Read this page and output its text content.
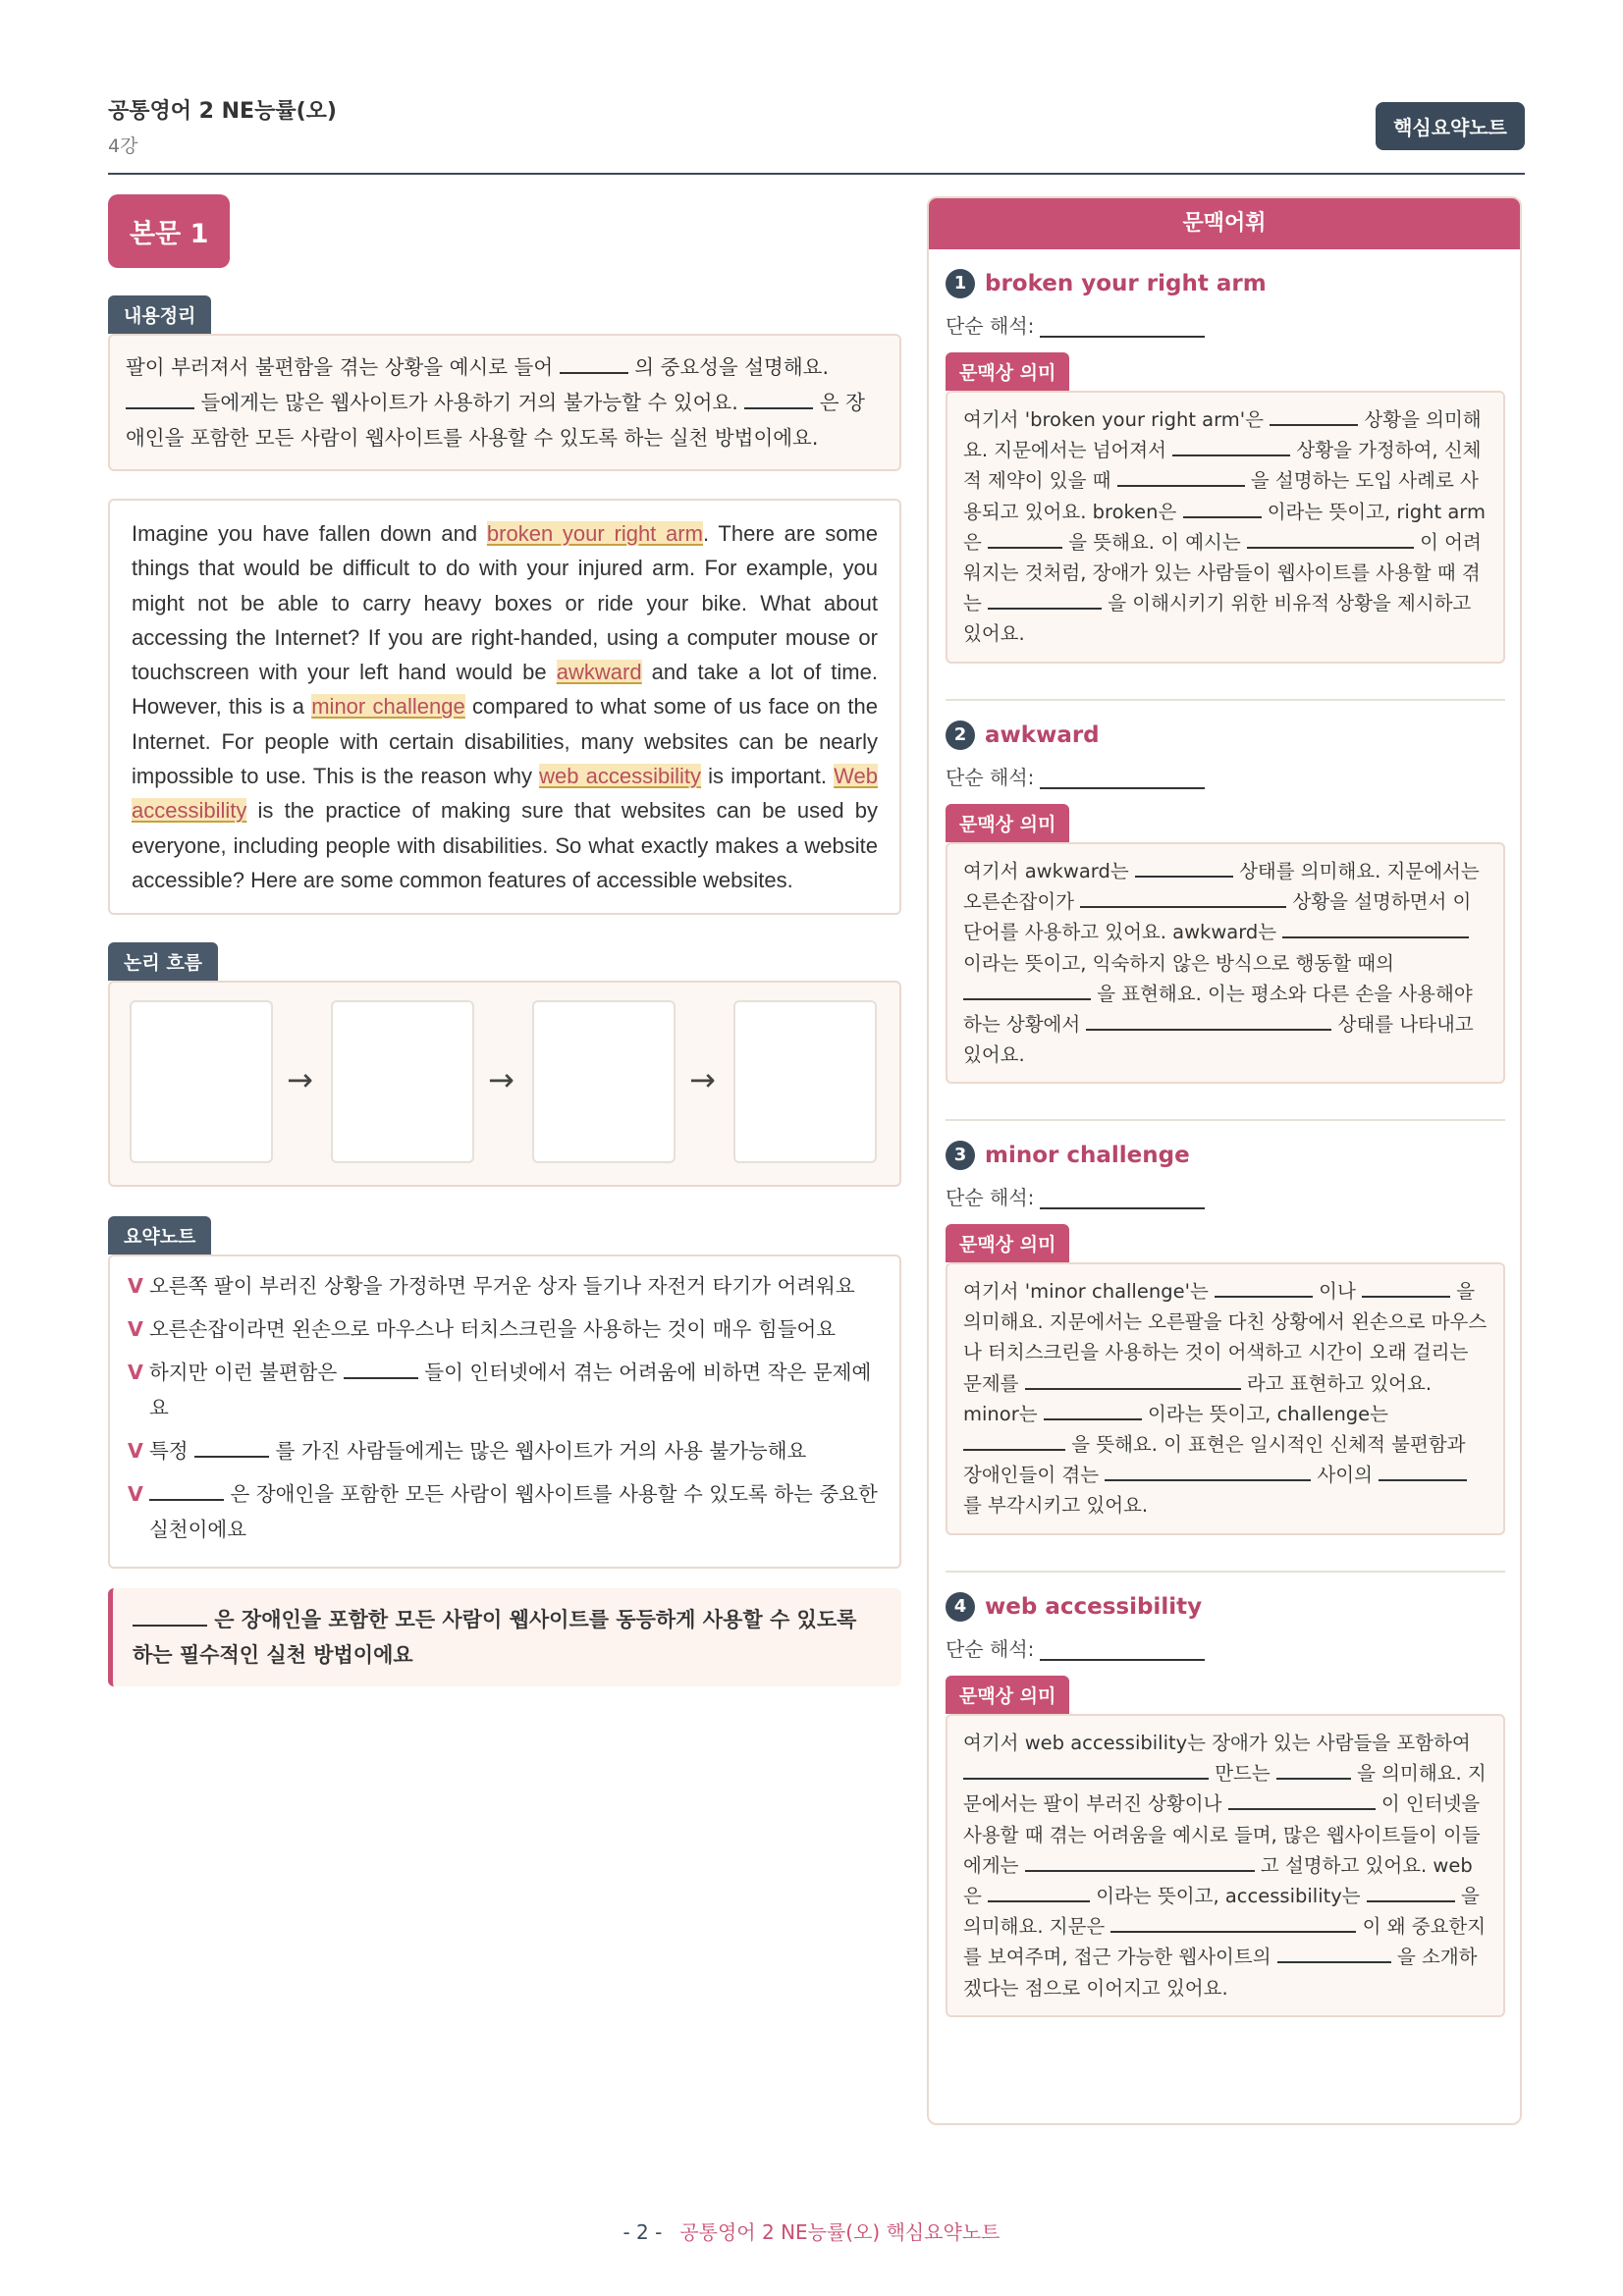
공통영어 2 NE능률(오)
4강
핵심요약노트
본문 1
내용정리
팔이 부러져서 불편함을 겪는 상황을 예시로 들어	의 중요성을 설명해요.
들에게는 많은 웹사이트가 사용하기 거의 불가능할 수 있어요.	은 장애인을 포함한 모든 사람이 웹사이트를 사용할 수 있도록 하는 실천 방법이에요.
Imagine you have fallen down and broken your right arm. There are some things that would be difficult to do with your injured arm. For example, you might not be able to carry heavy boxes or ride your bike. What about accessing the Internet? If you are right-handed, using a computer mouse or touchscreen with your left hand would be awkward and take a lot of time. However, this is a minor challenge compared to what some of us face on the Internet. For people with certain disabilities, many websites can be nearly impossible to use. This is the reason why web accessibility is important. Web accessibility is the practice of making sure that websites can be used by everyone, including people with disabilities. So what exactly makes a website accessible? Here are some common features of accessible websites.
논리 흐름
→	→	→
요약노트
V 오른쪽 팔이 부러진 상황을 가정하면 무거운 상자 들기나 자전거 타기가 어려워요
V 오른손잡이라면 왼손으로 마우스나 터치스크린을 사용하는 것이 매우 힘들어요
V 하지만 이런 불편함은	들이 인터넷에서 겪는 어려움에 비하면 작은 문제예요
V 특정	를 가진 사람들에게는 많은 웹사이트가 거의 사용 불가능해요
V	은 장애인을 포함한 모든 사람이 웹사이트를 사용할 수 있도록 하는 중요한 실천이에요
은 장애인을 포함한 모든 사람이 웹사이트를 동등하게 사용할 수 있도록 하는 필수적인 실천 방법이에요
문맥어휘
1 broken your right arm
단순 해석:
문맥상 의미
여기서 'broken your right arm'은	상황을 의미해요. 지문에서는 넘어져서	상황을 가정하여, 신체적 제약이 있을 때	을 설명하는 도입 사례로 사용되고 있어요. broken은	이라는 뜻이고, right arm은	을 뜻해요. 이 예시는	이 어려워지는 것처럼, 장애가 있는 사람들이 웹사이트를 사용할 때 겪는	을 이해시키기 위한 비유적 상황을 제시하고 있어요.
2 awkward
단순 해석:
문맥상 의미
여기서 awkward는	상태를 의미해요. 지문에서는 오른손잡이가	상황을 설명하면서 이 단어를 사용하고 있어요. awkward는  이라는 뜻이고, 익숙하지 않은 방식으로 행동할 때의  을 표현해요. 이는 평소와 다른 손을 사용해야 하는 상황에서	상태를 나타내고 있어요.
3 minor challenge
단순 해석:
문맥상 의미
여기서 'minor challenge'는	이나	을 의미해요. 지문에서는 오른팔을 다친 상황에서 왼손으로 마우스나 터치스크린을 사용하는 것이 어색하고 시간이 오래 걸리는 문제를	라고 표현하고 있어요. minor는	이라는 뜻이고, challenge는  을 뜻해요. 이 표현은 일시적인 신체적 불편함과 장애인들이 겪는	사이의  를 부각시키고 있어요.
4 web accessibility
단순 해석:
문맥상 의미
여기서 web accessibility는 장애가 있는 사람들을 포함하여  만드는	을 의미해요. 지문에서는 팔이 부러진 상황이나	이 인터넷을 사용할 때 겪는 어려움을 예시로 들며, 많은 웹사이트들이 이들에게는	고 설명하고 있어요. web은	이라는 뜻이고, accessibility는	을 의미해요. 지문은	이 왜 중요한지를 보여주며, 접근 가능한 웹사이트의	을 소개하겠다는 점으로 이어지고 있어요.
- 2 - 공통영어 2 NE능률(오) 핵심요약노트
